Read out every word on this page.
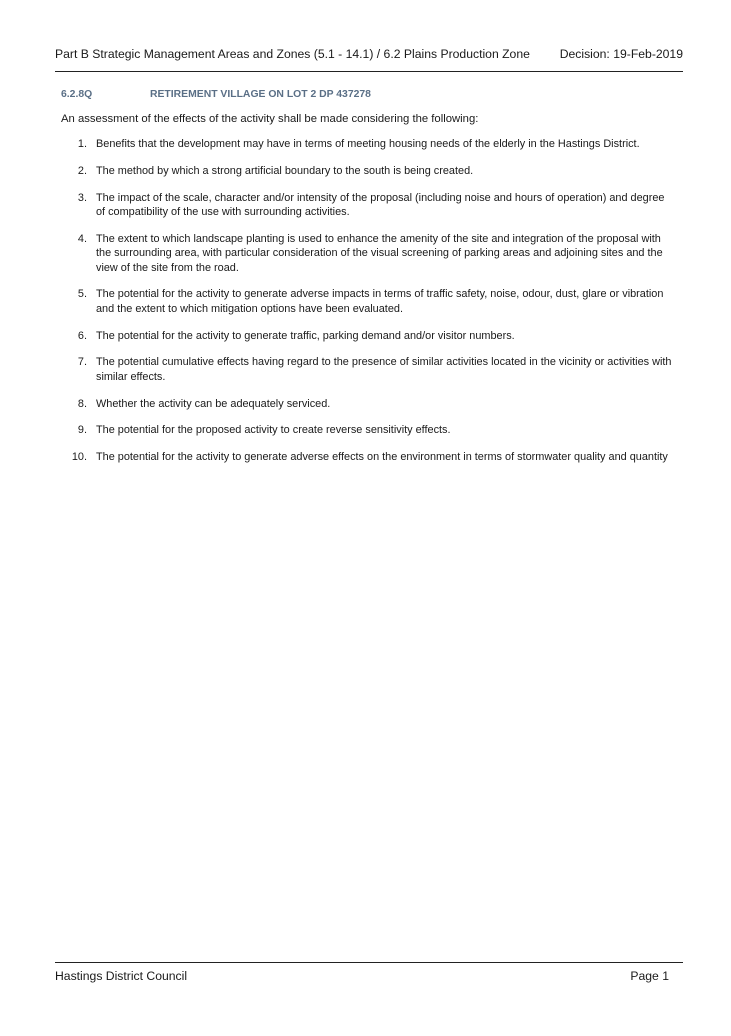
Part B Strategic Management Areas and Zones (5.1 - 14.1) / 6.2 Plains Production Zone Decision: 19-Feb-2019
6.2.8Q	RETIREMENT VILLAGE ON LOT 2 DP 437278
An assessment of the effects of the activity shall be made considering the following:
1. Benefits that the development may have in terms of meeting housing needs of the elderly in the Hastings District.
2. The method by which a strong artificial boundary to the south is being created.
3. The impact of the scale, character and/or intensity of the proposal (including noise and hours of operation) and degree of compatibility of the use with surrounding activities.
4. The extent to which landscape planting is used to enhance the amenity of the site and integration of the proposal with the surrounding area, with particular consideration of the visual screening of parking areas and adjoining sites and the view of the site from the road.
5. The potential for the activity to generate adverse impacts in terms of traffic safety, noise, odour, dust, glare or vibration and the extent to which mitigation options have been evaluated.
6. The potential for the activity to generate traffic, parking demand and/or visitor numbers.
7. The potential cumulative effects having regard to the presence of similar activities located in the vicinity or activities with similar effects.
8. Whether the activity can be adequately serviced.
9. The potential for the proposed activity to create reverse sensitivity effects.
10. The potential for the activity to generate adverse effects on the environment in terms of stormwater quality and quantity
Hastings District Council	Page 1
